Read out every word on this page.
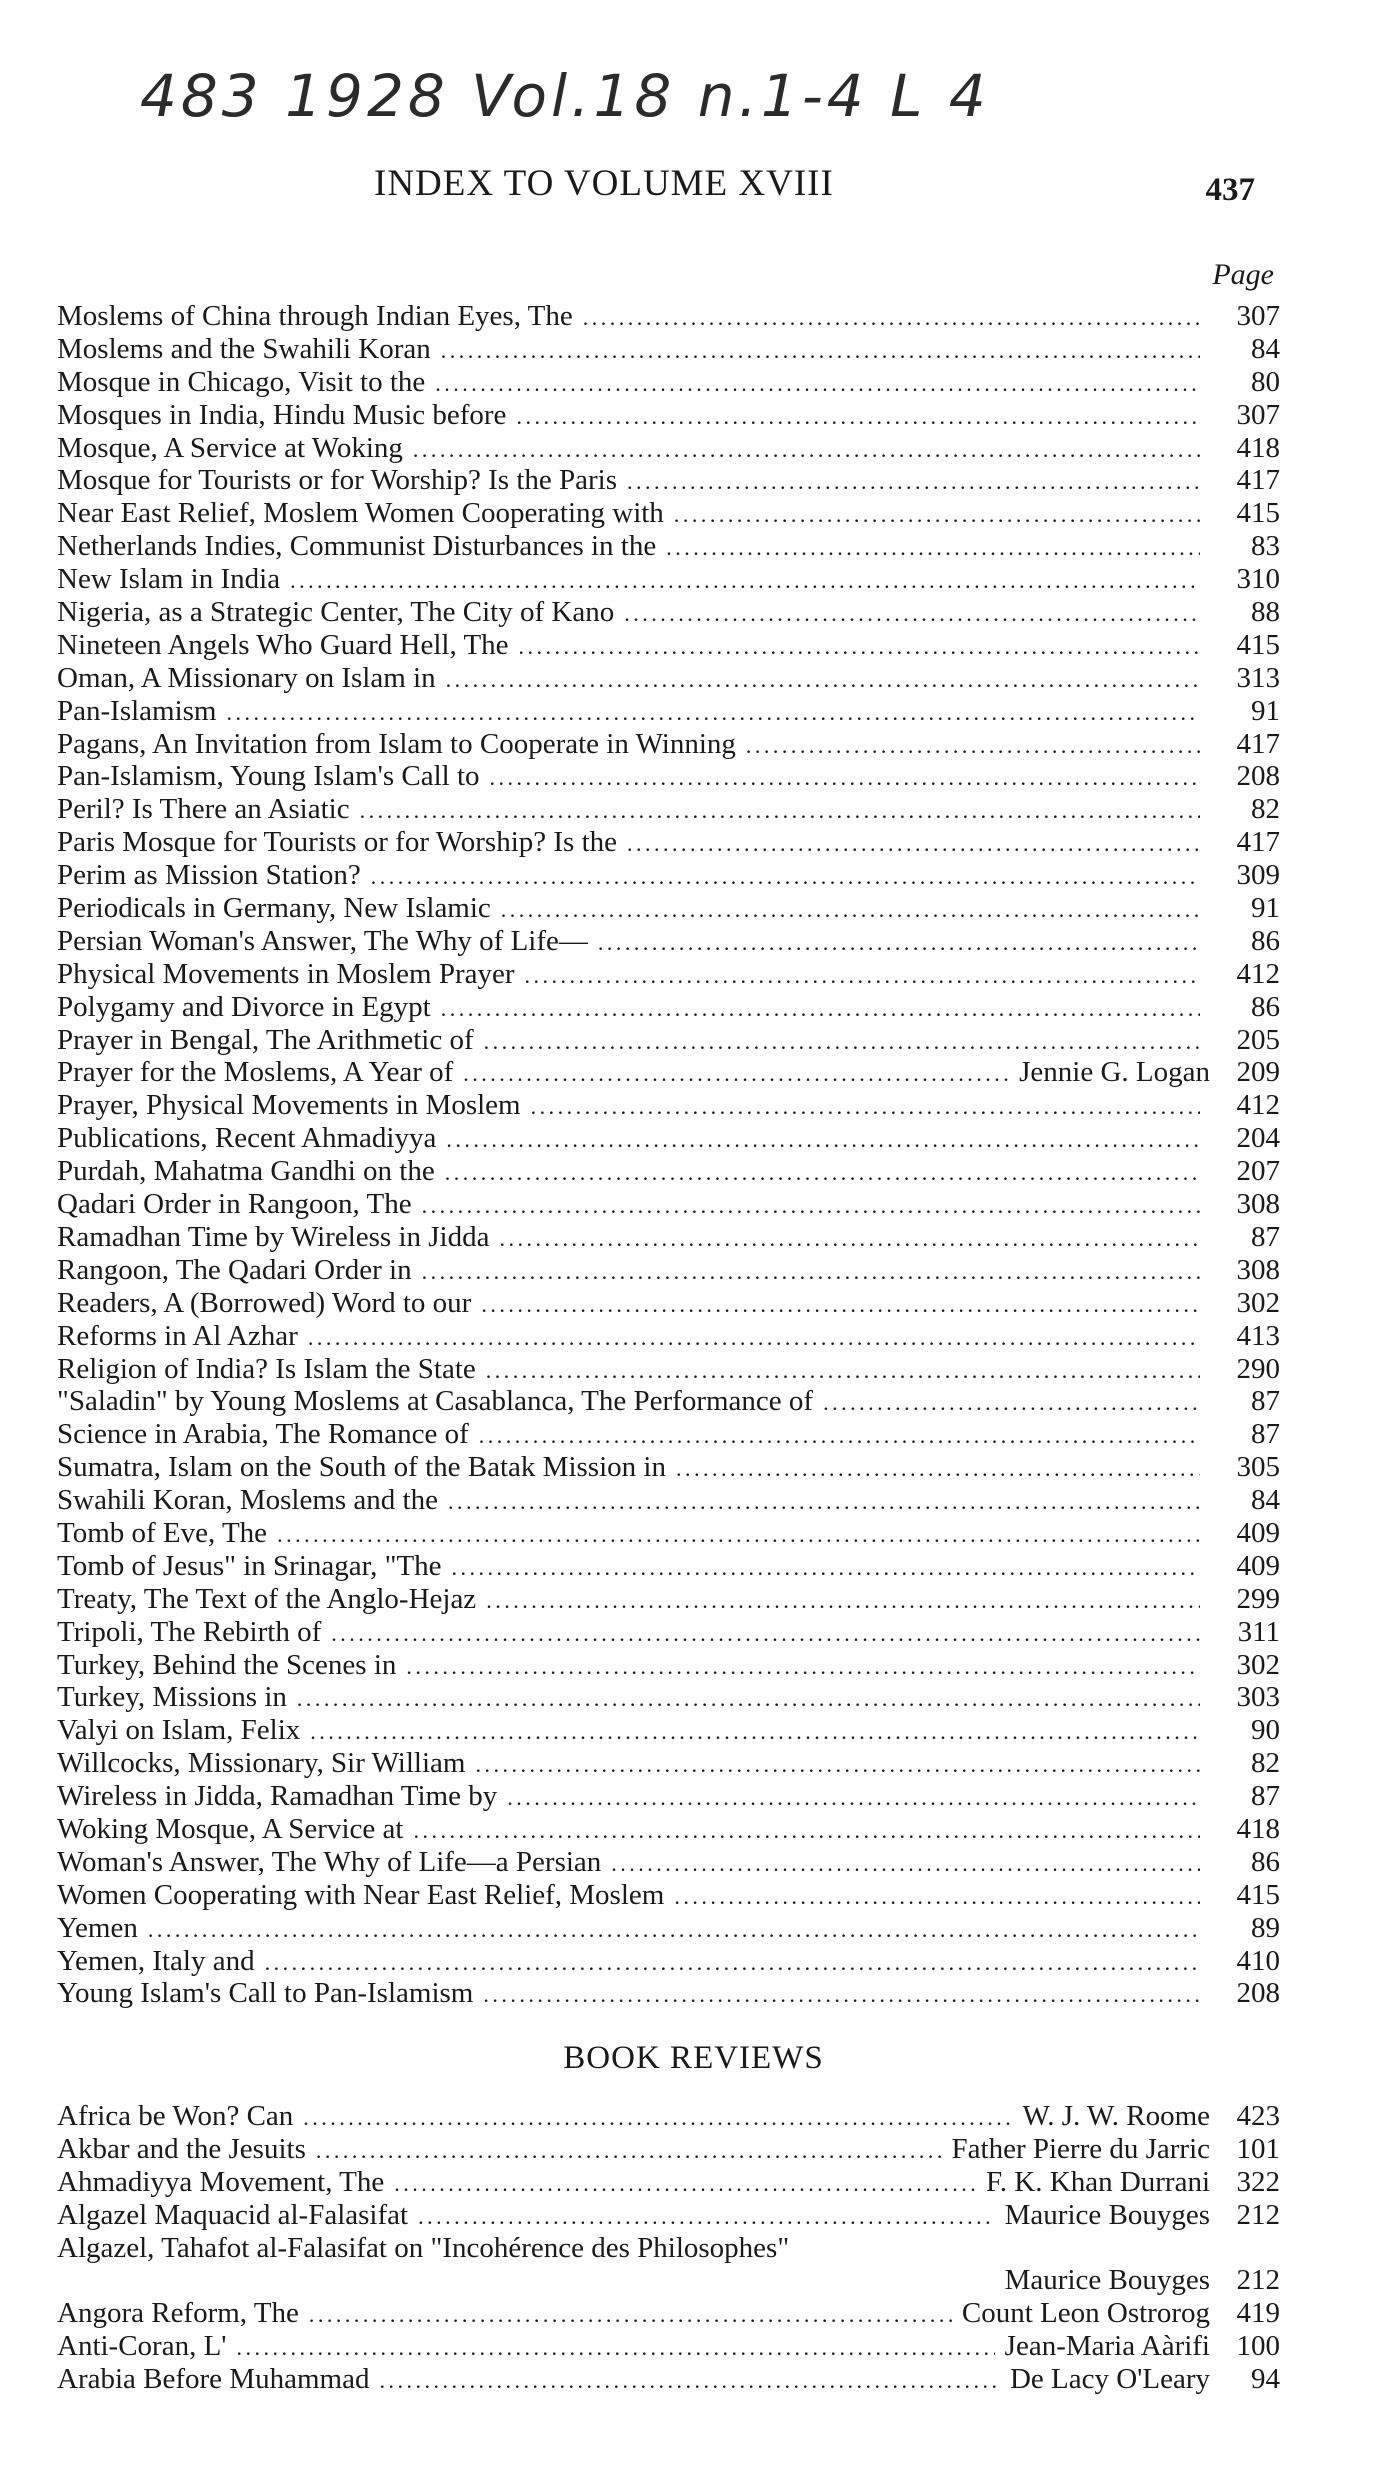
483 1928 Vol.18 n.1-4 L 4
INDEX TO VOLUME XVIII	437
Page
Moslems of China through Indian Eyes, The . . .	307
Moslems and the Swahili Koran . . .	84
Mosque in Chicago, Visit to the . . .	80
Mosques in India, Hindu Music before . . .	307
Mosque, A Service at Woking . . .	418
Mosque for Tourists or for Worship? Is the Paris . . .	417
Near East Relief, Moslem Women Cooperating with . . .	415
Netherlands Indies, Communist Disturbances in the . . .	83
New Islam in India . . .	310
Nigeria, as a Strategic Center, The City of Kano . . .	88
Nineteen Angels Who Guard Hell, The . . .	415
Oman, A Missionary on Islam in . . .	313
Pan-Islamism . . .	91
Pagans, An Invitation from Islam to Cooperate in Winning . . .	417
Pan-Islamism, Young Islam's Call to . . .	208
Peril? Is There an Asiatic . . .	82
Paris Mosque for Tourists or for Worship? Is the . . .	417
Perim as Mission Station? . . .	309
Periodicals in Germany, New Islamic . . .	91
Persian Woman's Answer, The Why of Life— . . .	86
Physical Movements in Moslem Prayer . . .	412
Polygamy and Divorce in Egypt . . .	86
Prayer in Bengal, The Arithmetic of . . .	205
Prayer for the Moslems, A Year of . . .	Jennie G. Logan 209
Prayer, Physical Movements in Moslem . . .	412
Publications, Recent Ahmadiyya . . .	204
Purdah, Mahatma Gandhi on the . . .	207
Qadari Order in Rangoon, The . . .	308
Ramadhan Time by Wireless in Jidda . . .	87
Rangoon, The Qadari Order in . . .	308
Readers, A (Borrowed) Word to our . . .	302
Reforms in Al Azhar . . .	413
Religion of India? Is Islam the State . . .	290
"Saladin" by Young Moslems at Casablanca, The Performance of . . .	87
Science in Arabia, The Romance of . . .	87
Sumatra, Islam on the South of the Batak Mission in . . .	305
Swahili Koran, Moslems and the . . .	84
Tomb of Eve, The . . .	409
Tomb of Jesus" in Srinagar, "The . . .	409
Treaty, The Text of the Anglo-Hejaz . . .	299
Tripoli, The Rebirth of . . .	311
Turkey, Behind the Scenes in . . .	302
Turkey, Missions in . . .	303
Valyi on Islam, Felix . . .	90
Willcocks, Missionary, Sir William . . .	82
Wireless in Jidda, Ramadhan Time by . . .	87
Woking Mosque, A Service at . . .	418
Woman's Answer, The Why of Life—a Persian . . .	86
Women Cooperating with Near East Relief, Moslem . . .	415
Yemen . . .	89
Yemen, Italy and . . .	410
Young Islam's Call to Pan-Islamism . . .	208
BOOK REVIEWS
Africa be Won? Can . . .	W. J. W. Roome 423
Akbar and the Jesuits . . .	Father Pierre du Jarric 101
Ahmadiyya Movement, The . . .	F. K. Khan Durrani 322
Algazel Maquacid al-Falasifat . . .	Maurice Bouyges 212
Algazel, Tahafot al-Falasifat on "Incohérence des Philosophes"
Maurice Bouyges 212
Angora Reform, The . . .	Count Leon Ostrorog 419
Anti-Coran, L' . . .	Jean-Maria Aàrifi 100
Arabia Before Muhammad . . .	De Lacy O'Leary	94
